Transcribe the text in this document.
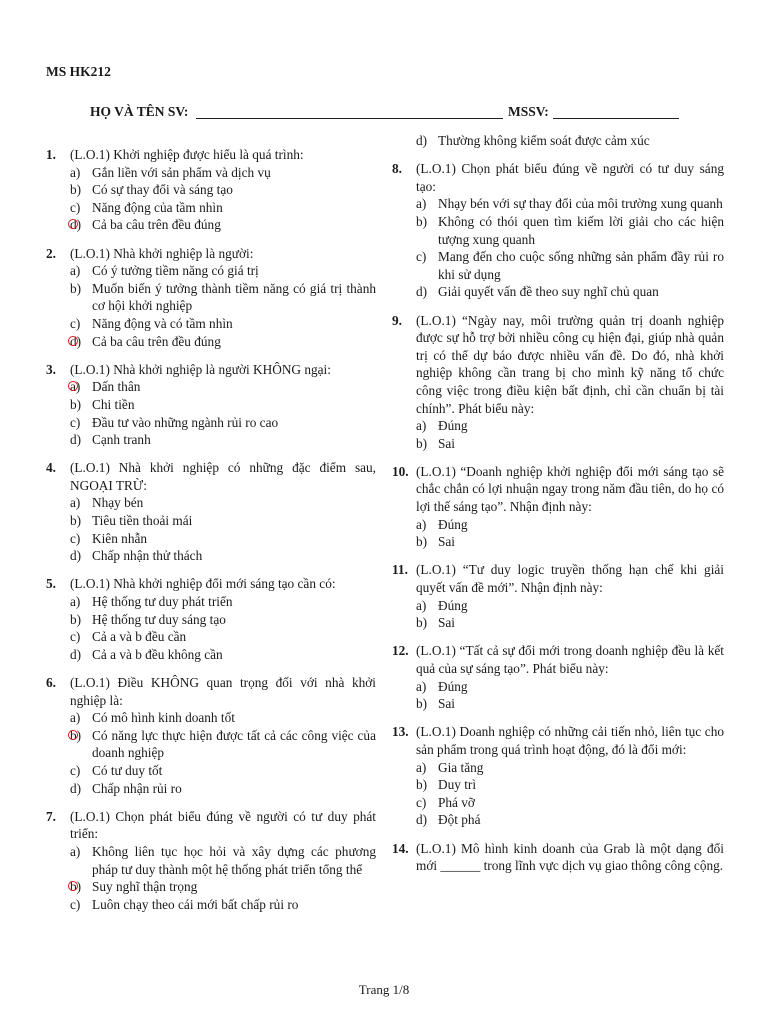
MS HK212
HỌ VÀ TÊN SV:	MSSV:
1.	(L.O.1) Khởi nghiệp được hiểu là quá trình:
a) Gắn liền với sản phẩm và dịch vụ
b) Có sự thay đổi và sáng tạo
c) Năng động của tầm nhìn
d) Cả ba câu trên đều đúng
2.	(L.O.1) Nhà khởi nghiệp là người:
a) Có ý tưởng tiềm năng có giá trị
b) Muốn biến ý tưởng thành tiềm năng có giá trị thành cơ hội khởi nghiệp
c) Năng động và có tầm nhìn
d) Cả ba câu trên đều đúng
3.	(L.O.1) Nhà khởi nghiệp là người KHÔNG ngại:
a) Dấn thân
b) Chi tiền
c) Đầu tư vào những ngành rủi ro cao
d) Cạnh tranh
4.	(L.O.1) Nhà khởi nghiệp có những đặc điểm sau, NGOẠI TRỪ:
a) Nhạy bén
b) Tiêu tiền thoải mái
c) Kiên nhẫn
d) Chấp nhận thử thách
5.	(L.O.1) Nhà khởi nghiệp đổi mới sáng tạo cần có:
a) Hệ thống tư duy phát triển
b) Hệ thống tư duy sáng tạo
c) Cả a và b đều cần
d) Cả a và b đều không cần
6.	(L.O.1) Điều KHÔNG quan trọng đối với nhà khởi nghiệp là:
a) Có mô hình kinh doanh tốt
b) Có năng lực thực hiện được tất cả các công việc của doanh nghiệp
c) Có tư duy tốt
d) Chấp nhận rủi ro
7.	(L.O.1) Chọn phát biểu đúng về người có tư duy phát triển:
a) Không liên tục học hỏi và xây dựng các phương pháp tư duy thành một hệ thống phát triển tổng thể
b) Suy nghĩ thận trọng
c) Luôn chạy theo cái mới bất chấp rủi ro
d) Thường không kiểm soát được cảm xúc
8.	(L.O.1) Chọn phát biểu đúng về người có tư duy sáng tạo:
a) Nhạy bén với sự thay đổi của môi trường xung quanh
b) Không có thói quen tìm kiếm lời giải cho các hiện tượng xung quanh
c) Mang đến cho cuộc sống những sản phẩm đầy rủi ro khi sử dụng
d) Giải quyết vấn đề theo suy nghĩ chủ quan
9.	(L.O.1) “Ngày nay, môi trường quản trị doanh nghiệp được sự hỗ trợ bởi nhiều công cụ hiện đại, giúp nhà quản trị có thể dự báo được nhiều vấn đề. Do đó, nhà khởi nghiệp không cần trang bị cho mình kỹ năng tổ chức công việc trong điều kiện bất định, chỉ cần chuẩn bị tài chính”. Phát biểu này:
a) Đúng
b) Sai
10. (L.O.1) “Doanh nghiệp khởi nghiệp đổi mới sáng tạo sẽ chắc chắn có lợi nhuận ngay trong năm đầu tiên, do họ có lợi thế sáng tạo”. Nhận định này:
a) Đúng
b) Sai
11. (L.O.1) “Tư duy logic truyền thống hạn chế khi giải quyết vấn đề mới”. Nhận định này:
a) Đúng
b) Sai
12. (L.O.1) “Tất cả sự đổi mới trong doanh nghiệp đều là kết quả của sự sáng tạo”. Phát biểu này:
a) Đúng
b) Sai
13. (L.O.1) Doanh nghiệp có những cải tiến nhỏ, liên tục cho sản phẩm trong quá trình hoạt động, đó là đổi mới:
a) Gia tăng
b) Duy trì
c) Phá vỡ
d) Đột phá
14. (L.O.1) Mô hình kinh doanh của Grab là một dạng đổi mới ______ trong lĩnh vực dịch vụ giao thông công cộng.
Trang 1/8
